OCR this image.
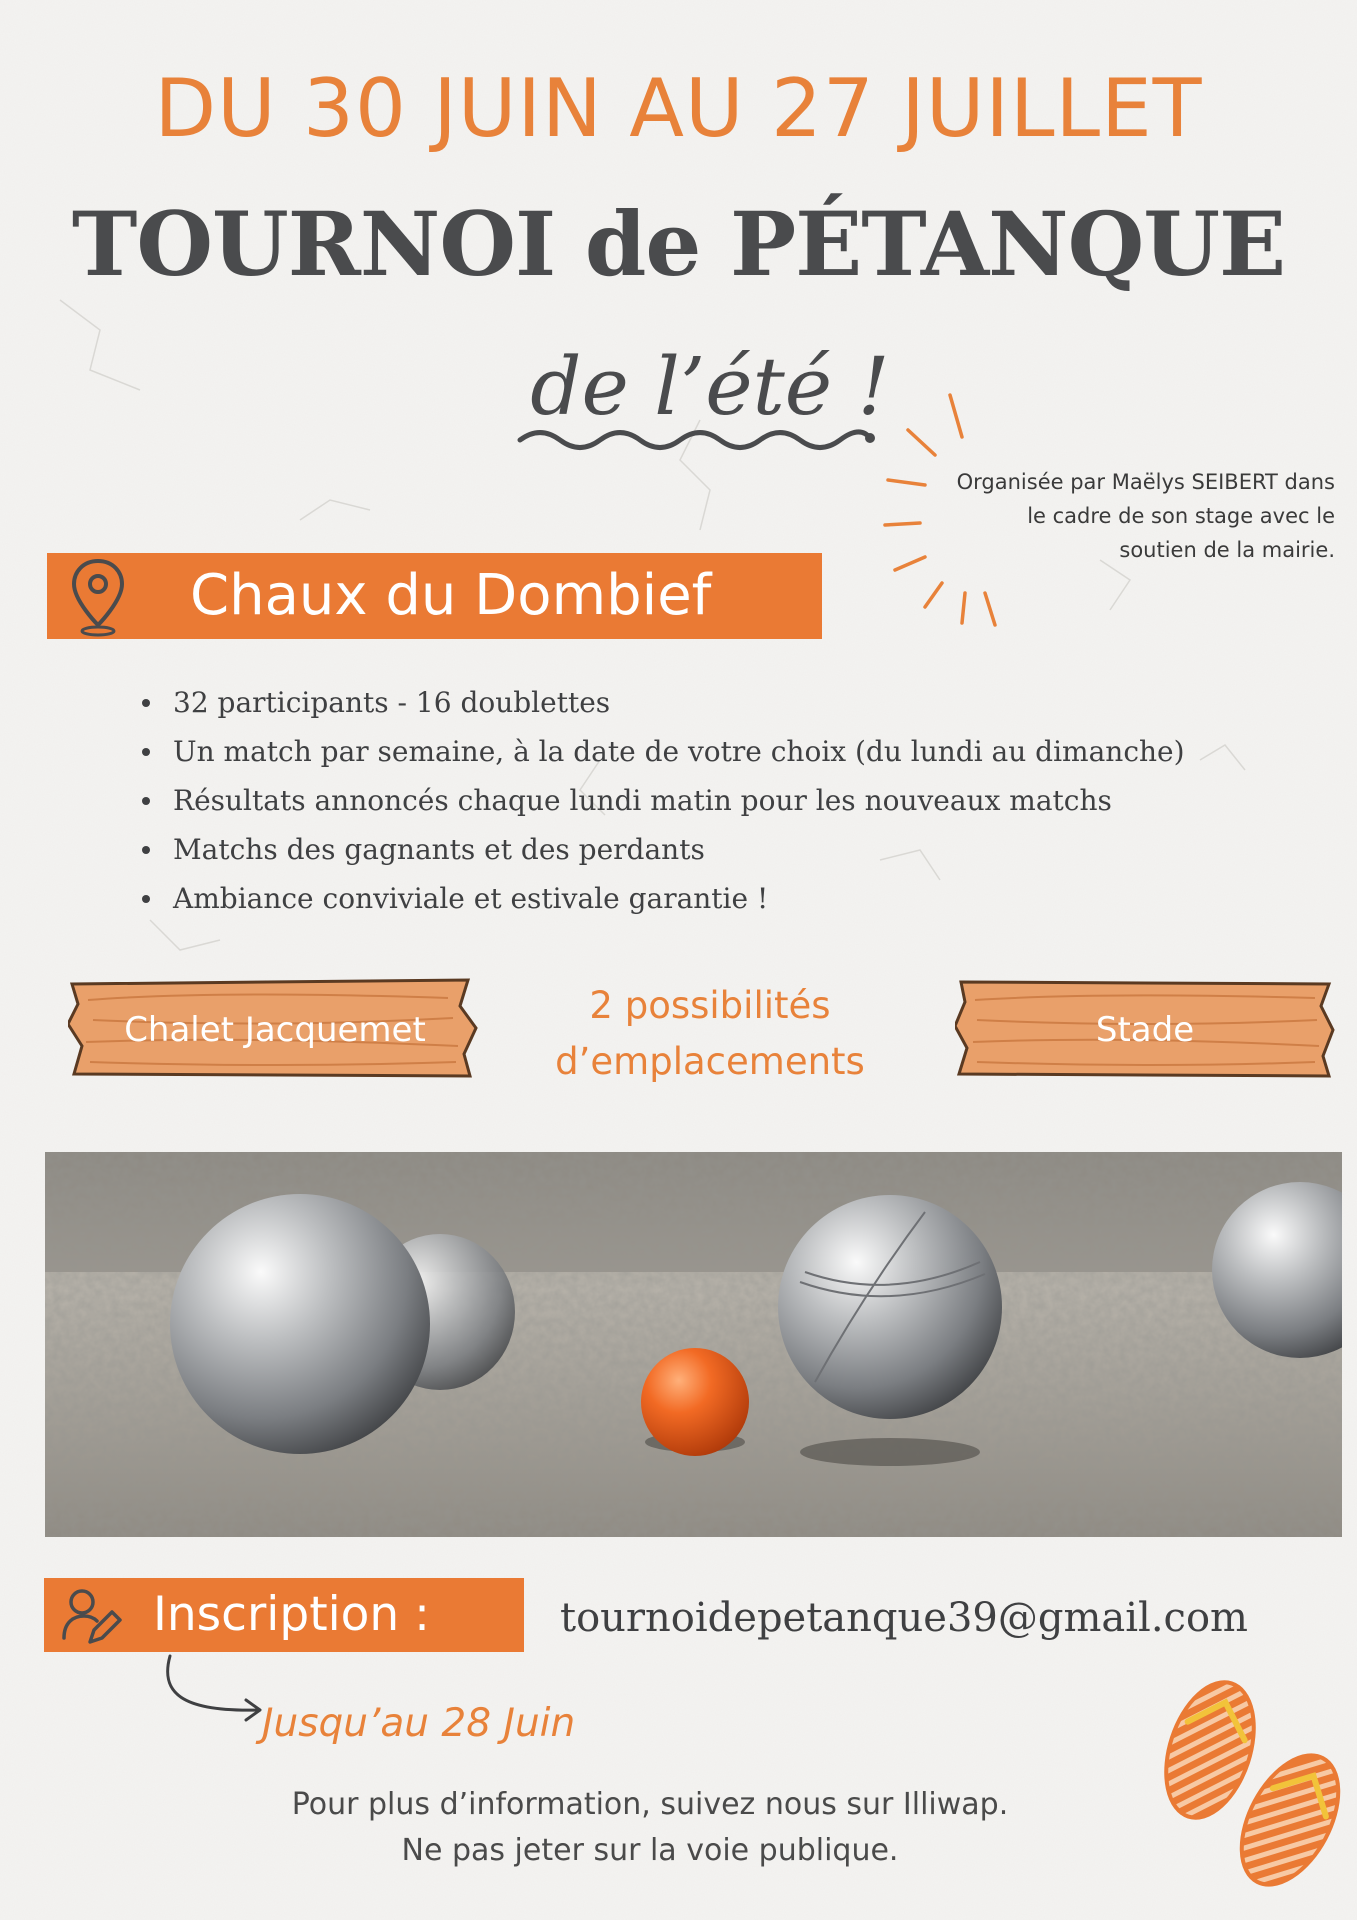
DU 30 JUIN AU 27 JUILLET
TOURNOI de PÉTANQUE
de l’été !
Organisée par Maëlys SEIBERT dans
le cadre de son stage avec le
soutien de la mairie.
Chaux du Dombief
32 participants - 16 doublettes
Un match par semaine, à la date de votre choix (du lundi au dimanche)
Résultats annoncés chaque lundi matin pour les nouveaux matchs
Matchs des gagnants et des perdants
Ambiance conviviale et estivale garantie !
Chalet Jacquemet	Stade
2 possibilités
d’emplacements
Inscription :	tournoidepetanque39@gmail.com
Jusqu’au 28 Juin
Pour plus d’information, suivez nous sur Illiwap.
Ne pas jeter sur la voie publique.
